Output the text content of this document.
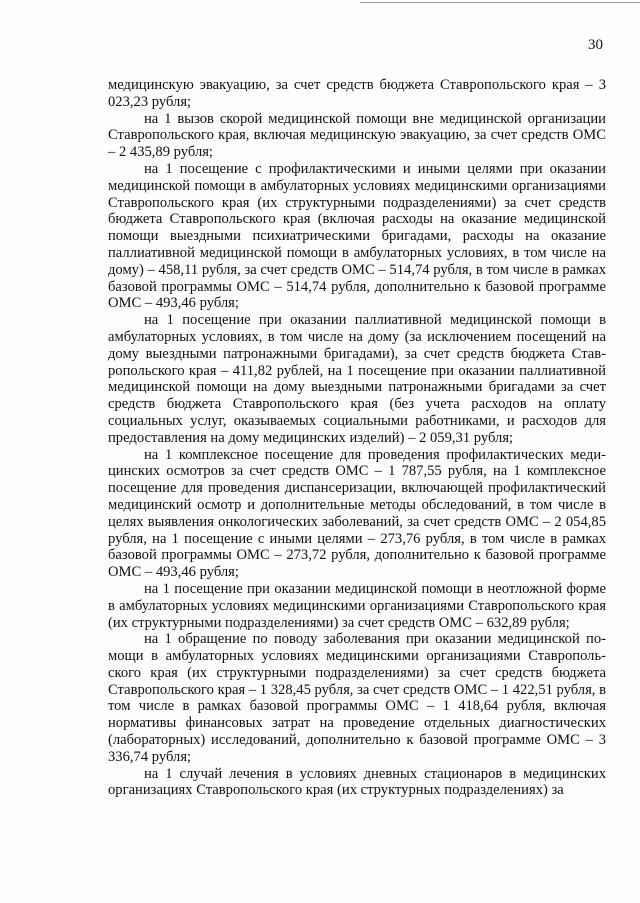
30

медицинскую эвакуацию, за счет средств бюджета Ставропольского края – 3 023,23 рубля;

на 1 вызов скорой медицинской помощи вне медицинской организации Ставропольского края, включая медицинскую эвакуацию, за счет средств ОМС – 2 435,89 рубля;

на 1 посещение с профилактическими и иными целями при оказании медицинской помощи в амбулаторных условиях медицинскими организациями Ставропольского края (их структурными подразделениями) за счет средств бюджета Ставропольского края (включая расходы на оказание медицинской помощи выездными психиатрическими бригадами, расходы на оказание паллиативной медицинской помощи в амбулаторных условиях, в том числе на дому) – 458,11 рубля, за счет средств ОМС – 514,74 рубля, в том числе в рамках базовой программы ОМС – 514,74 рубля, дополнительно к базовой программе ОМС – 493,46 рубля;

на 1 посещение при оказании паллиативной медицинской помощи в амбулаторных условиях, в том числе на дому (за исключением посещений на дому выездными патронажными бригадами), за счет средств бюджета Ставропольского края – 411,82 рублей, на 1 посещение при оказании паллиативной медицинской помощи на дому выездными патронажными бригадами за счет средств бюджета Ставропольского края (без учета расходов на оплату социальных услуг, оказываемых социальными работниками, и расходов для предоставления на дому медицинских изделий) – 2 059,31 рубля;

на 1 комплексное посещение для проведения профилактических медицинских осмотров за счет средств ОМС – 1 787,55 рубля, на 1 комплексное посещение для проведения диспансеризации, включающей профилактический медицинский осмотр и дополнительные методы обследований, в том числе в целях выявления онкологических заболеваний, за счет средств ОМС – 2 054,85 рубля, на 1 посещение с иными целями – 273,76 рубля, в том числе в рамках базовой программы ОМС – 273,72 рубля, дополнительно к базовой программе ОМС – 493,46 рубля;

на 1 посещение при оказании медицинской помощи в неотложной форме в амбулаторных условиях медицинскими организациями Ставропольского края (их структурными подразделениями) за счет средств ОМС – 632,89 рубля;

на 1 обращение по поводу заболевания при оказании медицинской помощи в амбулаторных условиях медицинскими организациями Ставропольского края (их структурными подразделениями) за счет средств бюджета Ставропольского края – 1 328,45 рубля, за счет средств ОМС – 1 422,51 рубля, в том числе в рамках базовой программы ОМС – 1 418,64 рубля, включая нормативы финансовых затрат на проведение отдельных диагностических (лабораторных) исследований, дополнительно к базовой программе ОМС – 3 336,74 рубля;

на 1 случай лечения в условиях дневных стационаров в медицинских организациях Ставропольского края (их структурных подразделениях) за
